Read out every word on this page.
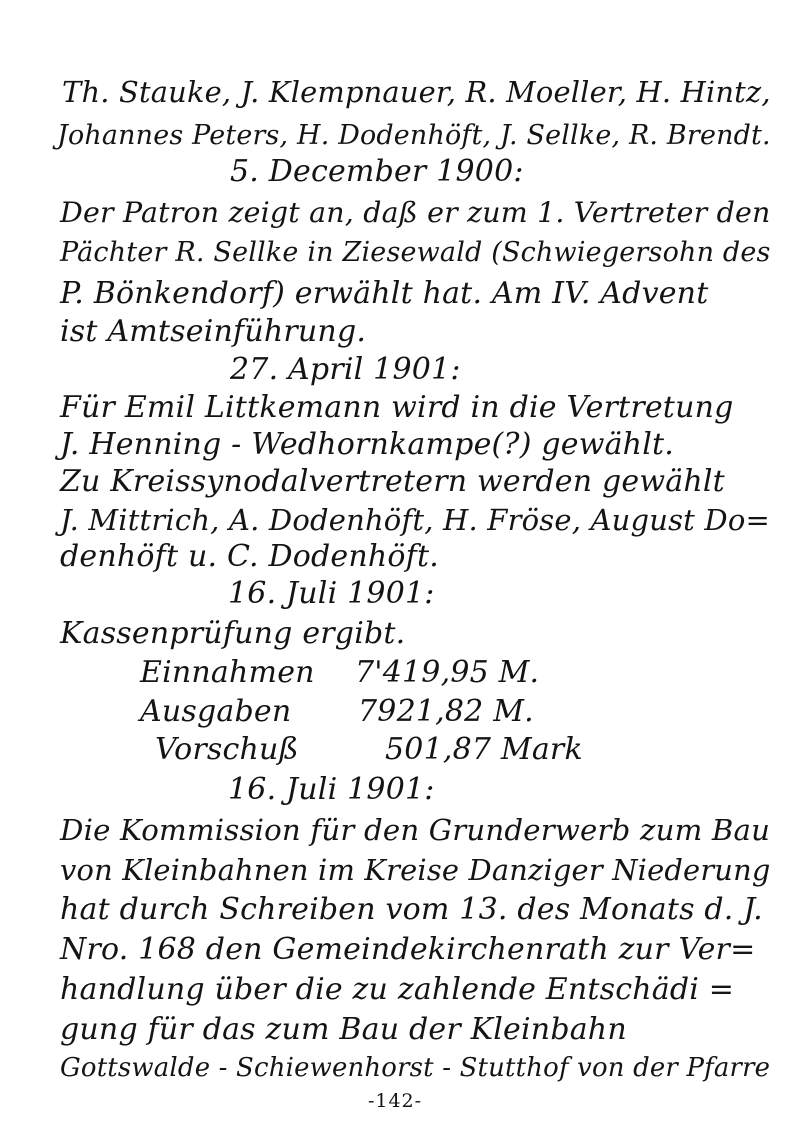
Th. Stauke, J. Klempnauer, R. Moeller, H. Hintz,
Johannes Peters, H. Dodenhöft, J. Sellke, R. Brendt.
5. December 1900:
Der Patron zeigt an, daß er zum 1. Vertreter den
Pächter R. Sellke in Ziesewald (Schwiegersohn des
P. Bönkendorf) erwählt hat. Am IV. Advent
ist Amtseinführung.
27. April 1901:
Für Emil Littkemann wird in die Vertretung
J. Henning - Wedhornkampe(?) gewählt.
Zu Kreissynodalvertretern werden gewählt
J. Mittrich, A. Dodenhöft, H. Fröse, August Do=
denhöft u. C. Dodenhöft.
16. Juli 1901:
Kassenprüfung ergibt.
Einnahmen 7'419,95 M.
Ausgaben 7921,82 M.
Vorschuß	501,87 Mark
16. Juli 1901:
Die Kommission für den Grunderwerb zum Bau
von Kleinbahnen im Kreise Danziger Niederung
hat durch Schreiben vom 13. des Monats d. J.
Nro. 168 den Gemeindekirchenrath zur Ver=
handlung über die zu zahlende Entschädi =
gung für das zum Bau der Kleinbahn
Gottswalde - Schiewenhorst - Stutthof von der Pfarre
-142-
